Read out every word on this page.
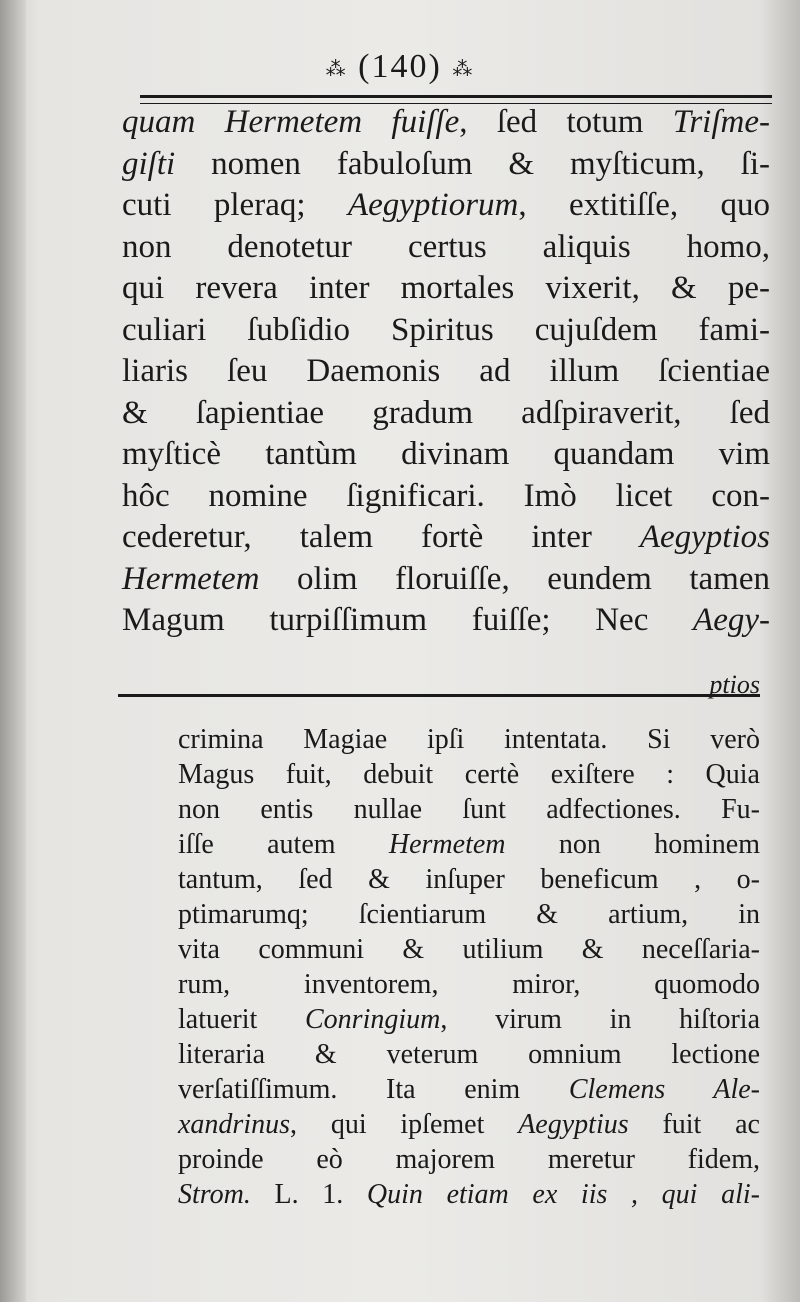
⁂ (140) ⁂
quam Hermetem fuiſſe, ſed totum Triſme-
giſti nomen fabuloſum & myſticum, ſi-
cuti pleraq; Aegyptiorum, extitiſſe, quo
non denotetur certus aliquis homo,
qui revera inter mortales vixerit, & pe-
culiari ſubſidio Spiritus cujuſdem fami-
liaris ſeu Daemonis ad illum ſcientiae
& ſapientiae gradum adſpiraverit, ſed
myſticè tantùm divinam quandam vim
hôc nomine ſignificari. Imò licet con-
cederetur, talem fortè inter Aegyptios
Hermetem olim floruiſſe, eundem tamen
Magum turpiſſimum fuiſſe; Nec Aegy-
ptios
crimina Magiae ipſi intentata. Si verò
Magus fuit, debuit certè exiſtere : Quia
non entis nullae ſunt adfectiones. Fu-
iſſe autem Hermetem non hominem
tantum, ſed & inſuper beneficum , o-
ptimarumq; ſcientiarum & artium, in
vita communi & utilium & neceſſaria-
rum, inventorem, miror, quomodo
latuerit Conringium, virum in hiſtoria
literaria & veterum omnium lectione
verſatiſſimum. Ita enim Clemens Ale-
xandrinus, qui ipſemet Aegyptius fuit ac
proinde eò majorem meretur fidem,
Strom. L. 1. Quin etiam ex iis , qui ali-
